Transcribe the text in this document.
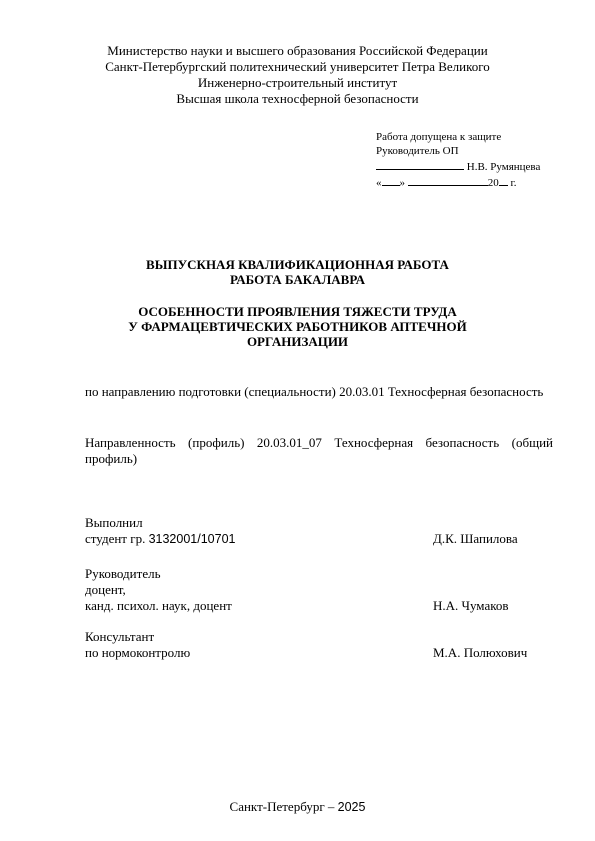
Министерство науки и высшего образования Российской Федерации
Санкт-Петербургский политехнический университет Петра Великого
Инженерно-строительный институт
Высшая школа техносферной безопасности
Работа допущена к защите
Руководитель ОП
Н.В. Румянцева
« »	20 г.
ВЫПУСКНАЯ КВАЛИФИКАЦИОННАЯ РАБОТА
РАБОТА БАКАЛАВРА
ОСОБЕННОСТИ ПРОЯВЛЕНИЯ ТЯЖЕСТИ ТРУДА
У ФАРМАЦЕВТИЧЕСКИХ РАБОТНИКОВ АПТЕЧНОЙ
ОРГАНИЗАЦИИ
по направлению подготовки (специальности) 20.03.01 Техносферная безопасность
Направленность (профиль) 20.03.01_07 Техносферная безопасность (общий профиль)
Выполнил
студент гр. 3132001/10701	Д.К. Шапилова
Руководитель
доцент,
канд. психол. наук, доцент	Н.А. Чумаков
Консультант
по нормоконтролю	М.А. Полюхович
Санкт-Петербург – 2025
